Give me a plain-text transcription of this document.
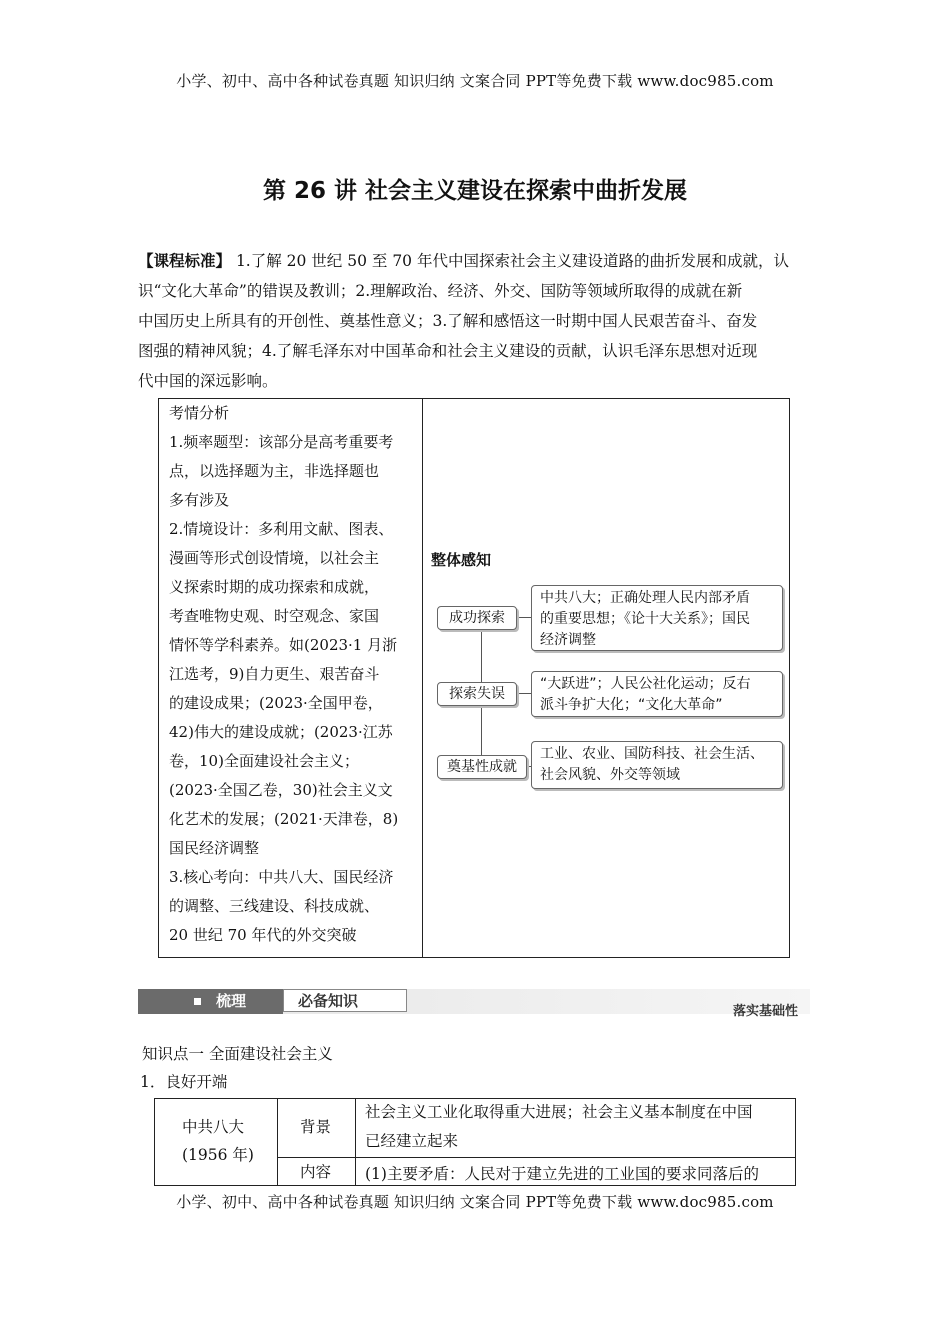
小学、初中、高中各种试卷真题 知识归纳 文案合同 PPT等免费下载 www.doc985.com
第 26 讲 社会主义建设在探索中曲折发展
【课程标准】 1.了解 20 世纪 50 至 70 年代中国探索社会主义建设道路的曲折发展和成就，认
识“文化大革命”的错误及教训；2.理解政治、经济、外交、国防等领域所取得的成就在新
中国历史上所具有的开创性、奠基性意义；3.了解和感悟这一时期中国人民艰苦奋斗、奋发
图强的精神风貌；4.了解毛泽东对中国革命和社会主义建设的贡献，认识毛泽东思想对近现
代中国的深远影响。
考情分析
1.频率题型：该部分是高考重要考
点，以选择题为主，非选择题也
多有涉及
2.情境设计：多利用文献、图表、
漫画等形式创设情境，以社会主
义探索时期的成功探索和成就，
考查唯物史观、时空观念、家国
情怀等学科素养。如(2023·1 月浙
江选考，9)自力更生、艰苦奋斗
的建设成果；(2023·全国甲卷，
42)伟大的建设成就；(2023·江苏
卷，10)全面建设社会主义；
(2023·全国乙卷，30)社会主义文
化艺术的发展；(2021·天津卷，8)
国民经济调整
3.核心考向：中共八大、国民经济
的调整、三线建设、科技成就、
20 世纪 70 年代的外交突破
整体感知
成功探索
探索失误
奠基性成就
中共八大；正确处理人民内部矛盾
的重要思想；《论十大关系》；国民
经济调整
“大跃进”；人民公社化运动；反右
派斗争扩大化；“文化大革命”
工业、农业、国防科技、社会生活、
社会风貌、外交等领域
梳理	必备知识
落实基础性
知识点一 全面建设社会主义
1．良好开端
中共八大
(1956 年)
背景
社会主义工业化取得重大进展；社会主义基本制度在中国
已经建立起来
内容 (1)主要矛盾：人民对于建立先进的工业国的要求同落后的
小学、初中、高中各种试卷真题 知识归纳 文案合同 PPT等免费下载 www.doc985.com
